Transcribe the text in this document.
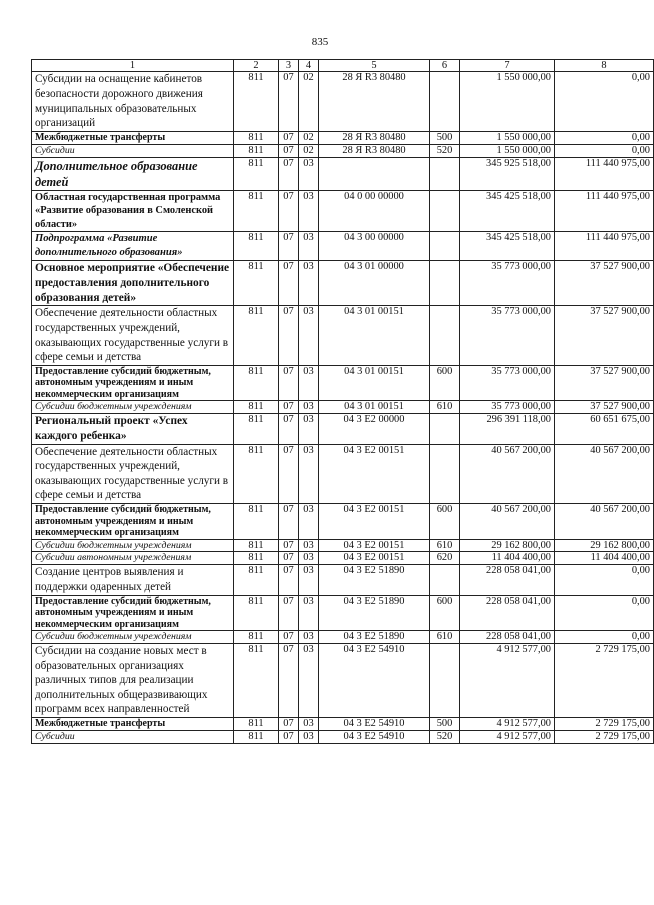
835
1	2	3	4	5	6	7	8
Субсидии на оснащение кабинетов безопасности дорожного движения муниципальных образовательных организаций	811	07	02	28 Я R3 80480		1 550 000,00	0,00
Межбюджетные трансферты	811	07	02	28 Я R3 80480	500	1 550 000,00	0,00
Субсидии	811	07	02	28 Я R3 80480	520	1 550 000,00	0,00
Дополнительное образование детей	811	07	03			345 925 518,00	111 440 975,00
Областная государственная программа «Развитие образования в Смоленской области»	811	07	03	04 0 00 00000		345 425 518,00	111 440 975,00
Подпрограмма «Развитие дополнительного образования»	811	07	03	04 3 00 00000		345 425 518,00	111 440 975,00
Основное мероприятие «Обеспечение предоставления дополнительного образования детей»	811	07	03	04 3 01 00000		35 773 000,00	37 527 900,00
Обеспечение деятельности областных государственных учреждений, оказывающих государственные услуги в сфере семьи и детства	811	07	03	04 3 01 00151		35 773 000,00	37 527 900,00
Предоставление субсидий бюджетным, автономным учреждениям и иным некоммерческим организациям	811	07	03	04 3 01 00151	600	35 773 000,00	37 527 900,00
Субсидии бюджетным учреждениям	811	07	03	04 3 01 00151	610	35 773 000,00	37 527 900,00
Региональный проект «Успех каждого ребенка»	811	07	03	04 3 E2 00000		296 391 118,00	60 651 675,00
Обеспечение деятельности областных государственных учреждений, оказывающих государственные услуги в сфере семьи и детства	811	07	03	04 3 E2 00151		40 567 200,00	40 567 200,00
Предоставление субсидий бюджетным, автономным учреждениям и иным некоммерческим организациям	811	07	03	04 3 E2 00151	600	40 567 200,00	40 567 200,00
Субсидии бюджетным учреждениям	811	07	03	04 3 E2 00151	610	29 162 800,00	29 162 800,00
Субсидии автономным учреждениям	811	07	03	04 3 E2 00151	620	11 404 400,00	11 404 400,00
Создание центров выявления и поддержки одаренных детей	811	07	03	04 3 E2 51890		228 058 041,00	0,00
Предоставление субсидий бюджетным, автономным учреждениям и иным некоммерческим организациям	811	07	03	04 3 E2 51890	600	228 058 041,00	0,00
Субсидии бюджетным учреждениям	811	07	03	04 3 E2 51890	610	228 058 041,00	0,00
Субсидии на создание новых мест в образовательных организациях различных типов для реализации дополнительных общеразвивающих программ всех направленностей	811	07	03	04 3 E2 54910		4 912 577,00	2 729 175,00
Межбюджетные трансферты	811	07	03	04 3 E2 54910	500	4 912 577,00	2 729 175,00
Субсидии	811	07	03	04 3 E2 54910	520	4 912 577,00	2 729 175,00
